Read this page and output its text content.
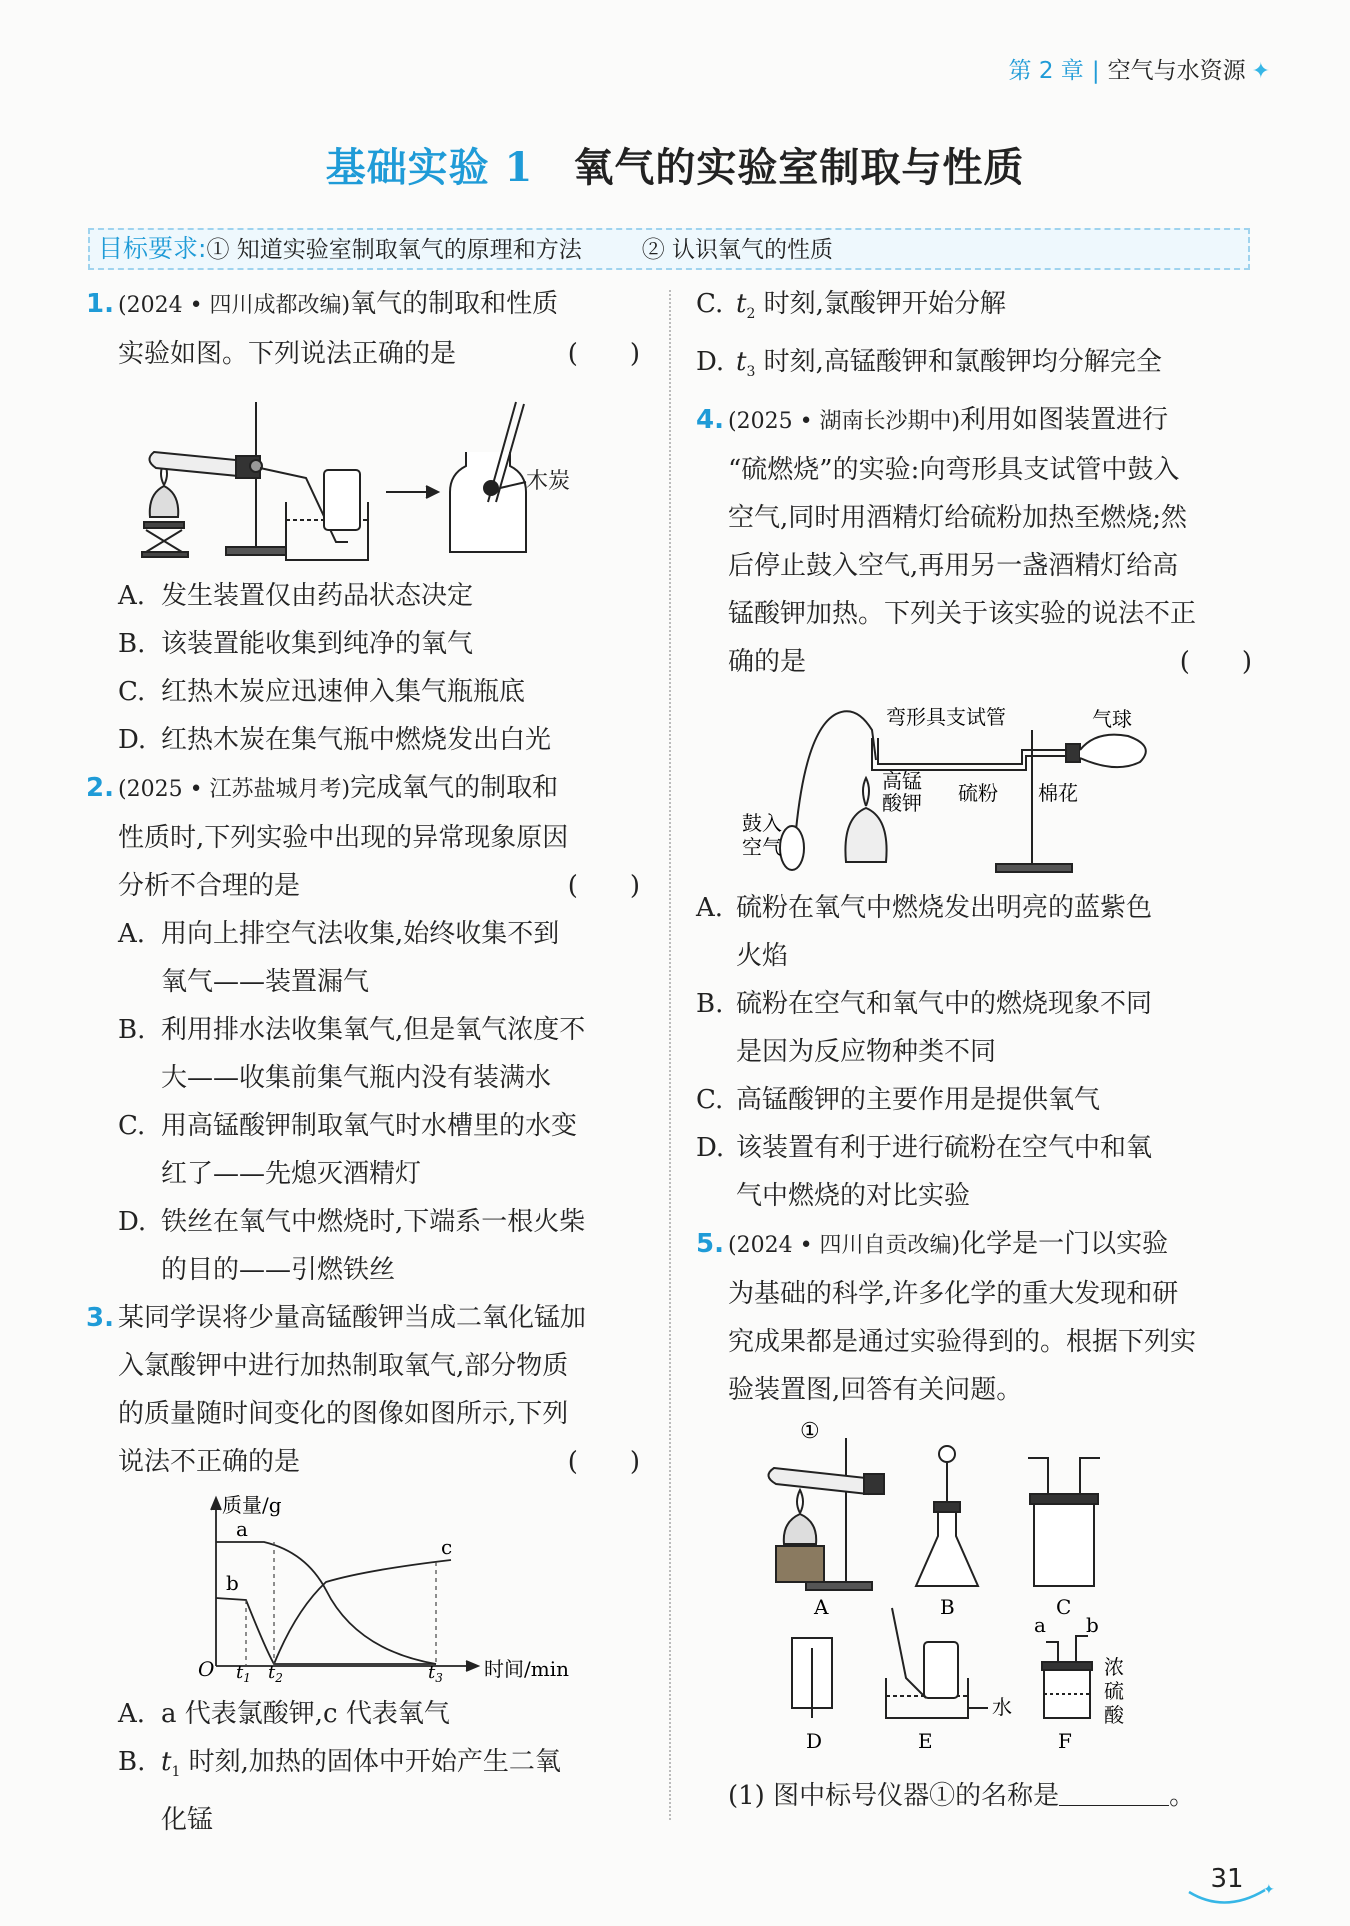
第 2 章 | 空气与水资源 ✦
基础实验 1 氧气的实验室制取与性质
目标要求:① 知道实验室制取氧气的原理和方法	② 认识氧气的性质
1. (2024 • 四川成都改编)氧气的制取和性质
实验如图。下列说法正确的是	(　　)
木炭
A. 发生装置仅由药品状态决定
B. 该装置能收集到纯净的氧气
C. 红热木炭应迅速伸入集气瓶瓶底
D. 红热木炭在集气瓶中燃烧发出白光
2. (2025 • 江苏盐城月考)完成氧气的制取和
性质时,下列实验中出现的异常现象原因
分析不合理的是	(　　)
A. 用向上排空气法收集,始终收集不到
氧气——装置漏气
B. 利用排水法收集氧气,但是氧气浓度不
大——收集前集气瓶内没有装满水
C. 用高锰酸钾制取氧气时水槽里的水变
红了——先熄灭酒精灯
D. 铁丝在氧气中燃烧时,下端系一根火柴
的目的——引燃铁丝
3. 某同学误将少量高锰酸钾当成二氧化锰加
入氯酸钾中进行加热制取氧气,部分物质
的质量随时间变化的图像如图所示,下列
说法不正确的是	(　　)
质量/g
时间/min
O $t_1$ $t_2$	$t_3$
a
b
c
A. a 代表氯酸钾,c 代表氧气
B. $t_1$ 时刻,加热的固体中开始产生二氧
化锰
C. $t_2$ 时刻,氯酸钾开始分解
D. $t_3$ 时刻,高锰酸钾和氯酸钾均分解完全
4. (2025 • 湖南长沙期中)利用如图装置进行
“硫燃烧”的实验:向弯形具支试管中鼓入
空气,同时用酒精灯给硫粉加热至燃烧;然
后停止鼓入空气,再用另一盏酒精灯给高
锰酸钾加热。下列关于该实验的说法不正
确的是	(　　)
弯形具支试管	气球
高锰
酸钾 硫粉 棉花
鼓入
空气
A. 硫粉在氧气中燃烧发出明亮的蓝紫色
火焰
B. 硫粉在空气和氧气中的燃烧现象不同
是因为反应物种类不同
C. 高锰酸钾的主要作用是提供氧气
D. 该装置有利于进行硫粉在空气中和氧
气中燃烧的对比实验
5. (2024 • 四川自贡改编)化学是一门以实验
为基础的科学,许多化学的重大发现和研
究成果都是通过实验得到的。根据下列实
验装置图,回答有关问题。
①
A	B	C
D	E	F
水
a b
浓
硫
酸
(1) 图中标号仪器①的名称是	。
✦
31
